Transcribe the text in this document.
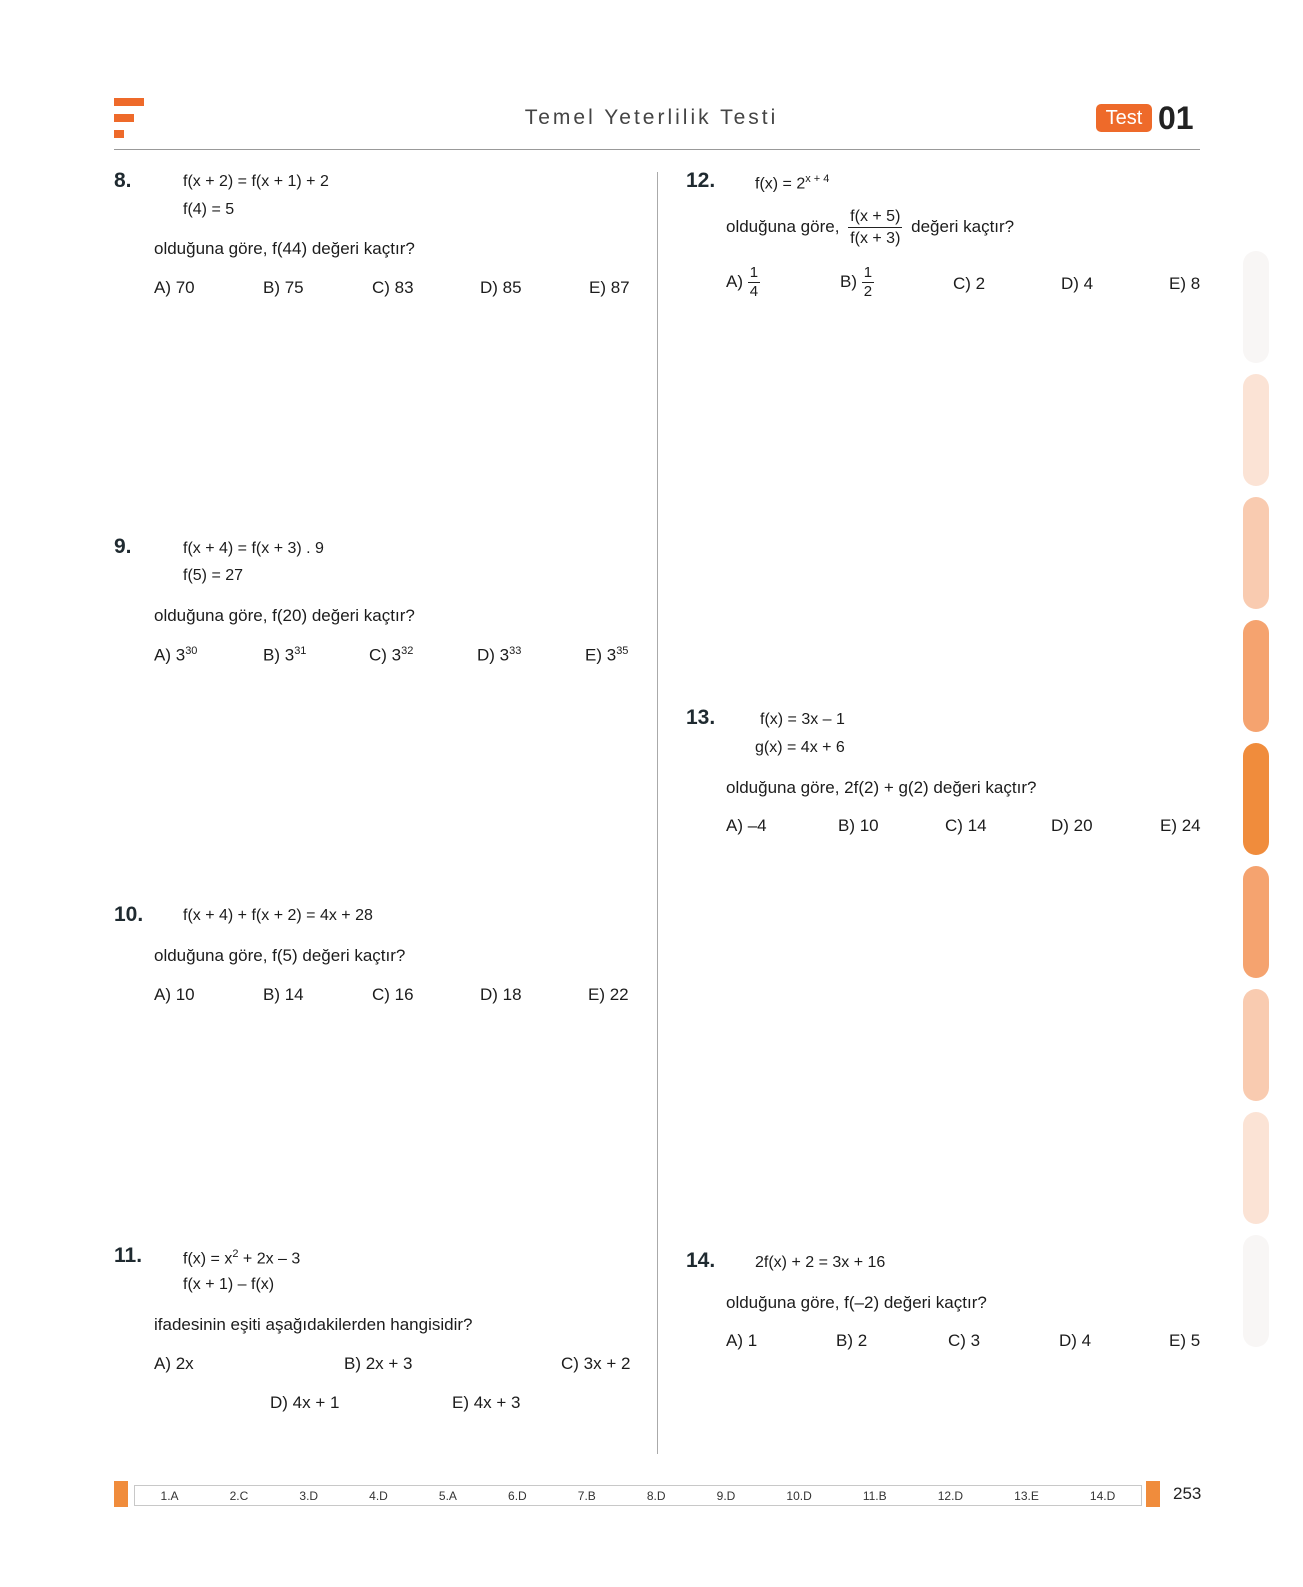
Temel Yeterlilik Testi	Test 01
8.	f(x + 2) = f(x + 1) + 2
f(4) = 5
olduğuna göre, f(44) değeri kaçtır?
A) 70	B) 75	C) 83	D) 85	E) 87
9.	f(x + 4) = f(x + 3) . 9
f(5) = 27
olduğuna göre, f(20) değeri kaçtır?
A) $3^{30}$	B) $3^{31}$	C) $3^{32}$	D) $3^{33}$	E) $3^{35}$
10. f(x + 4) + f(x + 2) = 4x + 28
olduğuna göre, f(5) değeri kaçtır?
A) 10	B) 14	C) 16	D) 18	E) 22
11.	$f(x) = x^2 + 2x - 3$
f(x + 1) – f(x)
ifadesinin eşiti aşağıdakilerden hangisidir?
A) 2x	B) 2x + 3	C) 3x + 2
D) 4x + 1	E) 4x + 3
12. $f(x) = 2^{x + 4}$
olduğuna göre, $\frac{f(x + 5)}{f(x + 3)}$ değeri kaçtır?
$A) \frac{1}{4}$	$B) \frac{1}{2}$	C) 2	D) 4	E) 8
13.	f(x) = 3x – 1
g(x) = 4x + 6
olduğuna göre, 2f(2) + g(2) değeri kaçtır?
A) –4	B) 10	C) 14	D) 20	E) 24
14. 2f(x) + 2 = 3x + 16
olduğuna göre, f(–2) değeri kaçtır?
A) 1	B) 2	C) 3	D) 4	E) 5
1.A	2.C	3.D	4.D	5.A	6.D	7.B	8.D	9.D	10.D	11.B	12.D	13.E	14.D	253
